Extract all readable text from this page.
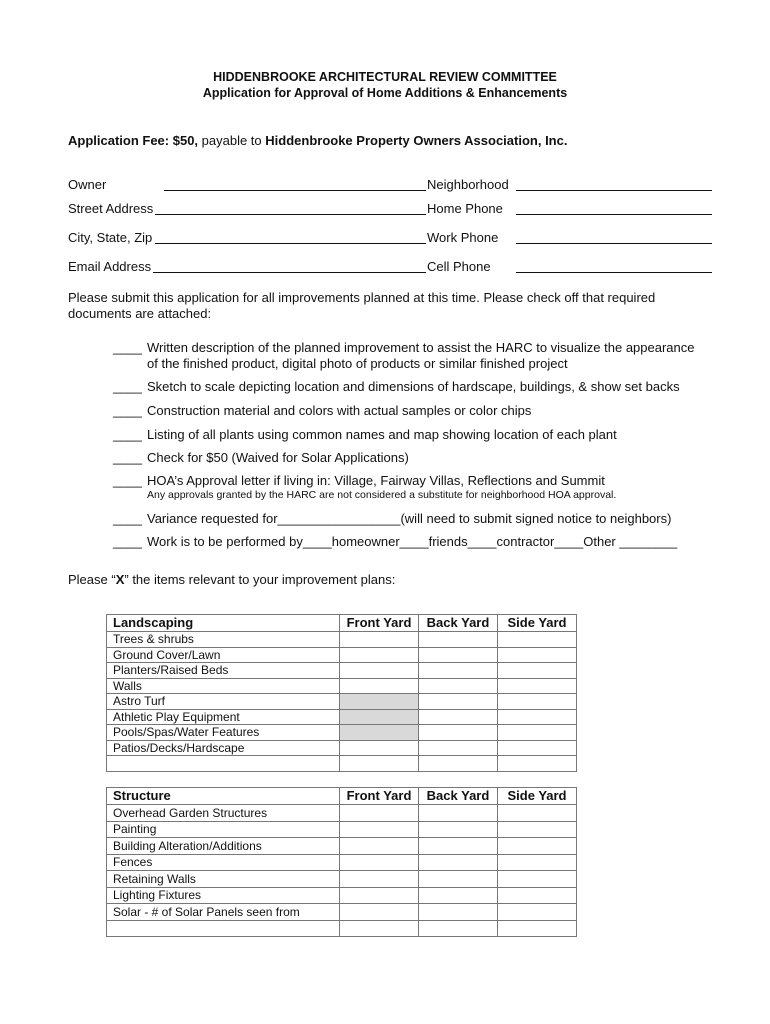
HIDDENBROOKE ARCHITECTURAL REVIEW COMMITTEE
Application for Approval of Home Additions & Enhancements
Application Fee: $50, payable to Hiddenbrooke Property Owners Association, Inc.
Owner	Neighborhood
Street Address	Home Phone
City, State, Zip	Work Phone
Email Address	Cell Phone
Please submit this application for all improvements planned at this time. Please check off that required documents are attached:
____ Written description of the planned improvement to assist the HARC to visualize the appearance of the finished product, digital photo of products or similar finished project
____ Sketch to scale depicting location and dimensions of hardscape, buildings, & show set backs
____ Construction material and colors with actual samples or color chips
____ Listing of all plants using common names and map showing location of each plant
____ Check for $50 (Waived for Solar Applications)
____ HOA’s Approval letter if living in: Village, Fairway Villas, Reflections and Summit
Any approvals granted by the HARC are not considered a substitute for neighborhood HOA approval.
____ Variance requested for_________________(will need to submit signed notice to neighbors)
____ Work is to be performed by____homeowner____friends____contractor____Other ________
Please “X” the items relevant to your improvement plans:
Landscaping	Front Yard	Back Yard	Side Yard
Trees & shrubs			
Ground Cover/Lawn			
Planters/Raised Beds			
Walls			
Astro Turf			
Athletic Play Equipment			
Pools/Spas/Water Features			
Patios/Decks/Hardscape			

Structure	Front Yard	Back Yard	Side Yard
Overhead Garden Structures			
Painting			
Building Alteration/Additions			
Fences			
Retaining Walls			
Lighting Fixtures			
Solar - # of Solar Panels seen from			
